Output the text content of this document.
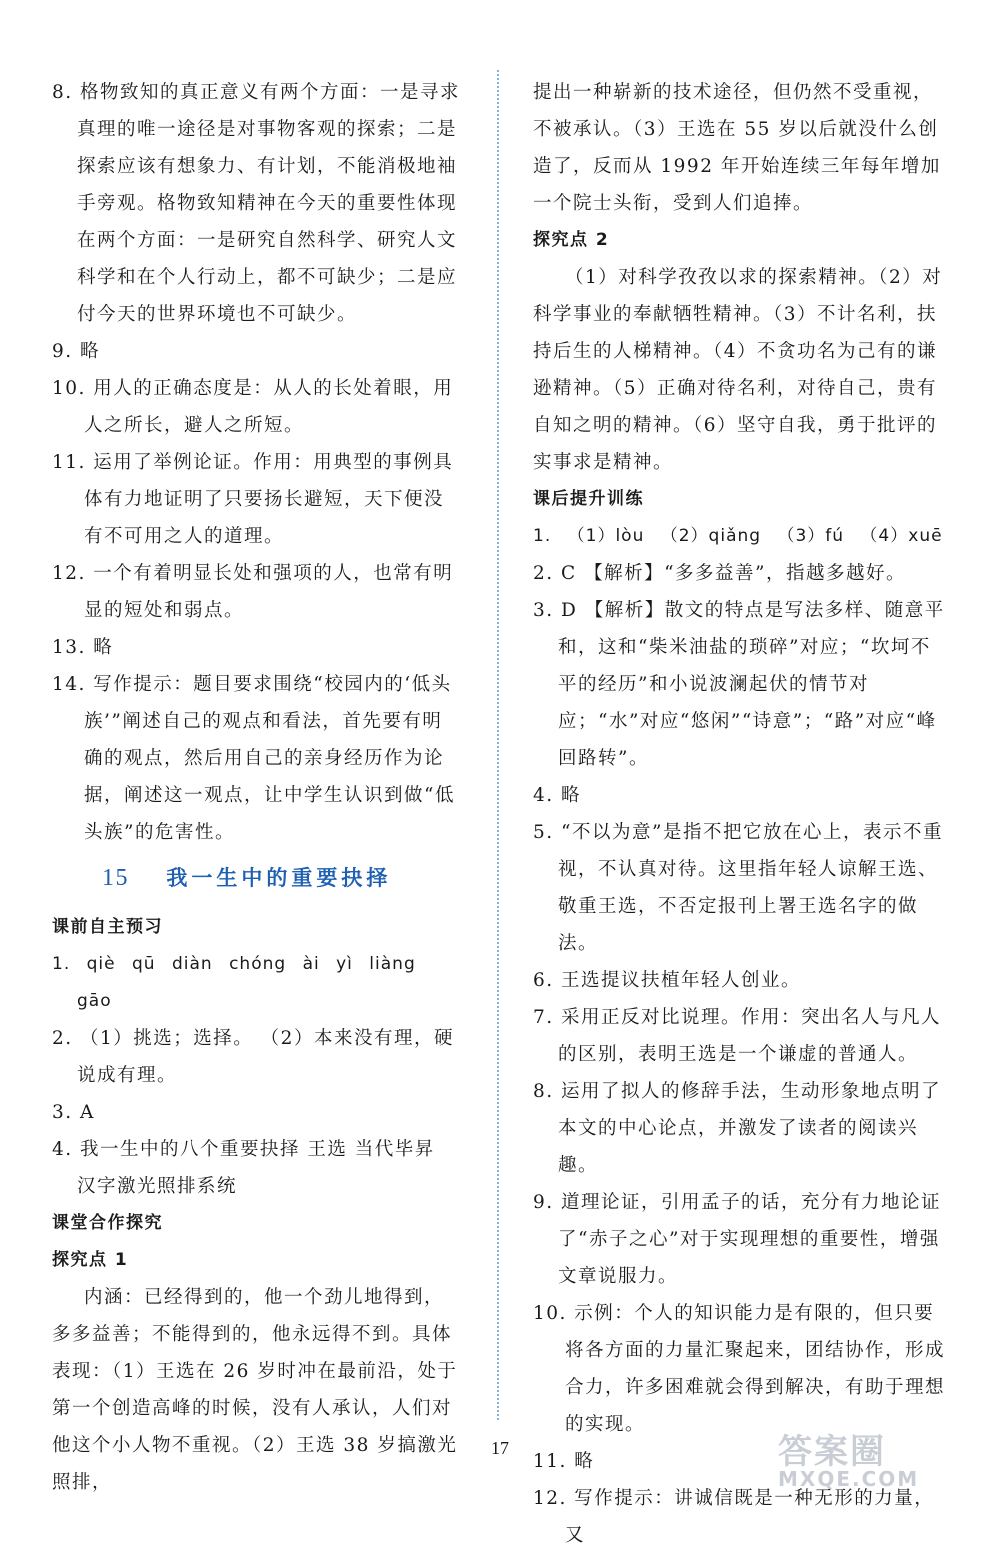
8. 格物致知的真正意义有两个方面：一是寻求真理的唯一途径是对事物客观的探索；二是探索应该有想象力、有计划，不能消极地袖手旁观。格物致知精神在今天的重要性体现在两个方面：一是研究自然科学、研究人文科学和在个人行动上，都不可缺少；二是应付今天的世界环境也不可缺少。

9. 略

10. 用人的正确态度是：从人的长处着眼，用人之所长，避人之所短。

11. 运用了举例论证。作用：用典型的事例具体有力地证明了只要扬长避短，天下便没有不可用之人的道理。

12. 一个有着明显长处和强项的人，也常有明显的短处和弱点。

13. 略

14. 写作提示：题目要求围绕“校园内的‘低头族’”阐述自己的观点和看法，首先要有明确的观点，然后用自己的亲身经历作为论据，阐述这一观点，让中学生认识到做“低头族”的危害性。

15 我一生中的重要抉择

课前自主预习

1. qiè qū diàn chóng ài yì liàng gāo

2. （1）挑选；选择。 （2）本来没有理，硬说成有理。

3. A

4. 我一生中的八个重要抉择 王选 当代毕昇 汉字激光照排系统

课堂合作探究

探究点 1

内涵：已经得到的，他一个劲儿地得到，多多益善；不能得到的，他永远得不到。具体表现：（1）王选在 26 岁时冲在最前沿，处于第一个创造高峰的时候，没有人承认，人们对他这个小人物不重视。（2）王选 38 岁搞激光照排，

提出一种崭新的技术途径，但仍然不受重视，不被承认。（3）王选在 55 岁以后就没什么创造了，反而从 1992 年开始连续三年每年增加一个院士头衔，受到人们追捧。

探究点 2

（1）对科学孜孜以求的探索精神。（2）对科学事业的奉献牺牲精神。（3）不计名利，扶持后生的人梯精神。（4）不贪功名为己有的谦逊精神。（5）正确对待名利，对待自己，贵有自知之明的精神。（6）坚守自我，勇于批评的实事求是精神。

课后提升训练

1. （1）lòu （2）qiǎng （3）fú （4）xuē

2. C 【解析】“多多益善”，指越多越好。

3. D 【解析】散文的特点是写法多样、随意平和，这和“柴米油盐的琐碎”对应；“坎坷不平的经历”和小说波澜起伏的情节对应；“水”对应“悠闲”“诗意”；“路”对应“峰回路转”。

4. 略

5. “不以为意”是指不把它放在心上，表示不重视，不认真对待。这里指年轻人谅解王选、敬重王选，不否定报刊上署王选名字的做法。

6. 王选提议扶植年轻人创业。

7. 采用正反对比说理。作用：突出名人与凡人的区别，表明王选是一个谦虚的普通人。

8. 运用了拟人的修辞手法，生动形象地点明了本文的中心论点，并激发了读者的阅读兴趣。

9. 道理论证，引用孟子的话，充分有力地论证了“赤子之心”对于实现理想的重要性，增强文章说服力。

10. 示例：个人的知识能力是有限的，但只要将各方面的力量汇聚起来，团结协作，形成合力，许多困难就会得到解决，有助于理想的实现。

11. 略

12. 写作提示：讲诚信既是一种无形的力量，又

17	答案圈
MXQE.COM
